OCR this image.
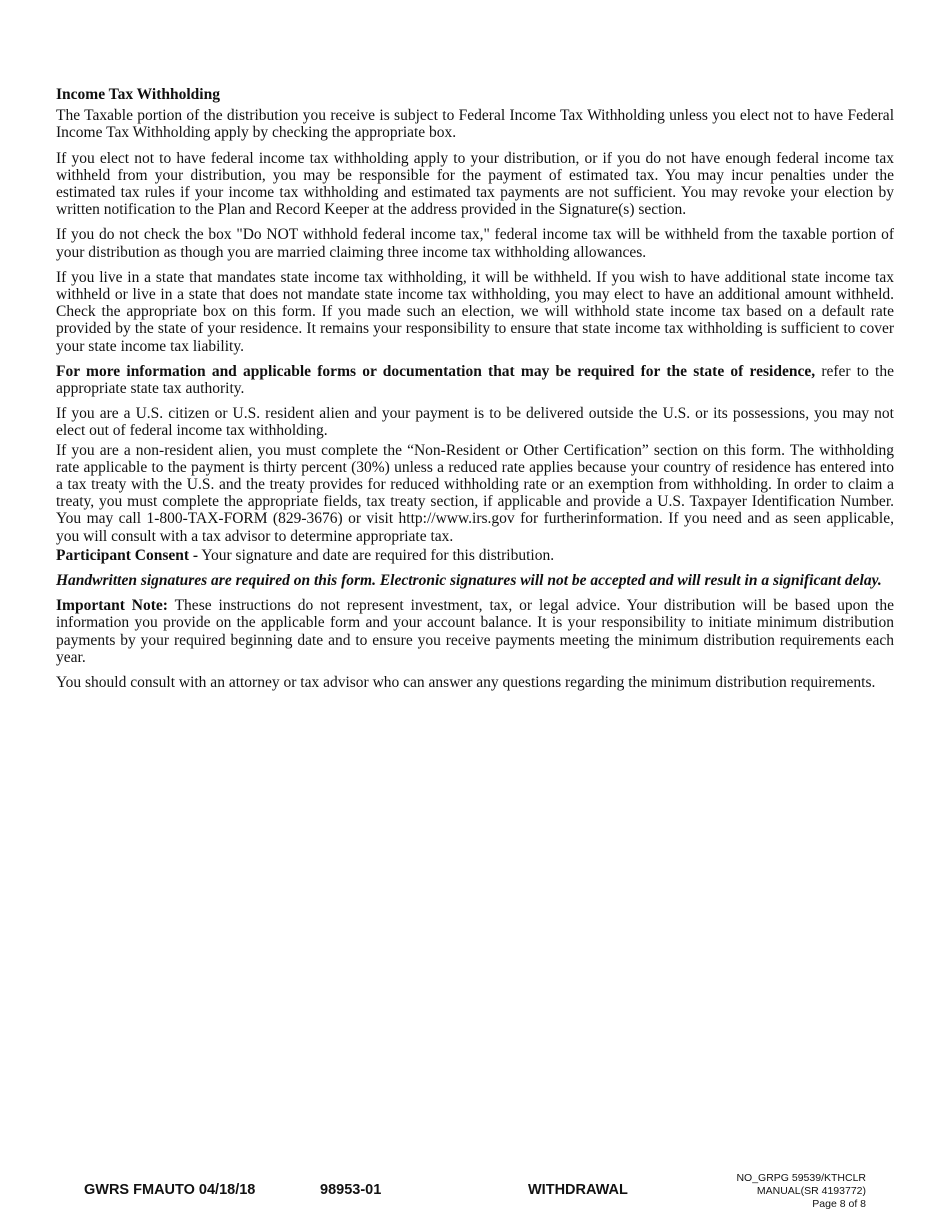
Income Tax Withholding

The Taxable portion of the distribution you receive is subject to Federal Income Tax Withholding unless you elect not to have Federal Income Tax Withholding apply by checking the appropriate box.

If you elect not to have federal income tax withholding apply to your distribution, or if you do not have enough federal income tax withheld from your distribution, you may be responsible for the payment of estimated tax. You may incur penalties under the estimated tax rules if your income tax withholding and estimated tax payments are not sufficient. You may revoke your election by written notification to the Plan and Record Keeper at the address provided in the Signature(s) section.

If you do not check the box "Do NOT withhold federal income tax," federal income tax will be withheld from the taxable portion of your distribution as though you are married claiming three income tax withholding allowances.

If you live in a state that mandates state income tax withholding, it will be withheld. If you wish to have additional state income tax withheld or live in a state that does not mandate state income tax withholding, you may elect to have an additional amount withheld. Check the appropriate box on this form. If you made such an election, we will withhold state income tax based on a default rate provided by the state of your residence. It remains your responsibility to ensure that state income tax withholding is sufficient to cover your state income tax liability.

For more information and applicable forms or documentation that may be required for the state of residence, refer to the appropriate state tax authority.

If you are a U.S. citizen or U.S. resident alien and your payment is to be delivered outside the U.S. or its possessions, you may not elect out of federal income tax withholding.

If you are a non-resident alien, you must complete the “Non-Resident or Other Certification” section on this form. The withholding rate applicable to the payment is thirty percent (30%) unless a reduced rate applies because your country of residence has entered into a tax treaty with the U.S. and the treaty provides for reduced withholding rate or an exemption from withholding. In order to claim a treaty, you must complete the appropriate fields, tax treaty section, if applicable and provide a U.S. Taxpayer Identification Number. You may call 1-800-TAX-FORM (829-3676) or visit http://www.irs.gov for furtherinformation. If you need and as seen applicable, you will consult with a tax advisor to determine appropriate tax.

Participant Consent - Your signature and date are required for this distribution.

Handwritten signatures are required on this form. Electronic signatures will not be accepted and will result in a significant delay.

Important Note: These instructions do not represent investment, tax, or legal advice. Your distribution will be based upon the information you provide on the applicable form and your account balance. It is your responsibility to initiate minimum distribution payments by your required beginning date and to ensure you receive payments meeting the minimum distribution requirements each year.

You should consult with an attorney or tax advisor who can answer any questions regarding the minimum distribution requirements.

GWRS FMAUTO 04/18/18	98953-01	WITHDRAWAL
NO_GRPG 59539/KTHCLR
MANUAL(SR 4193772)
Page 8 of 8
